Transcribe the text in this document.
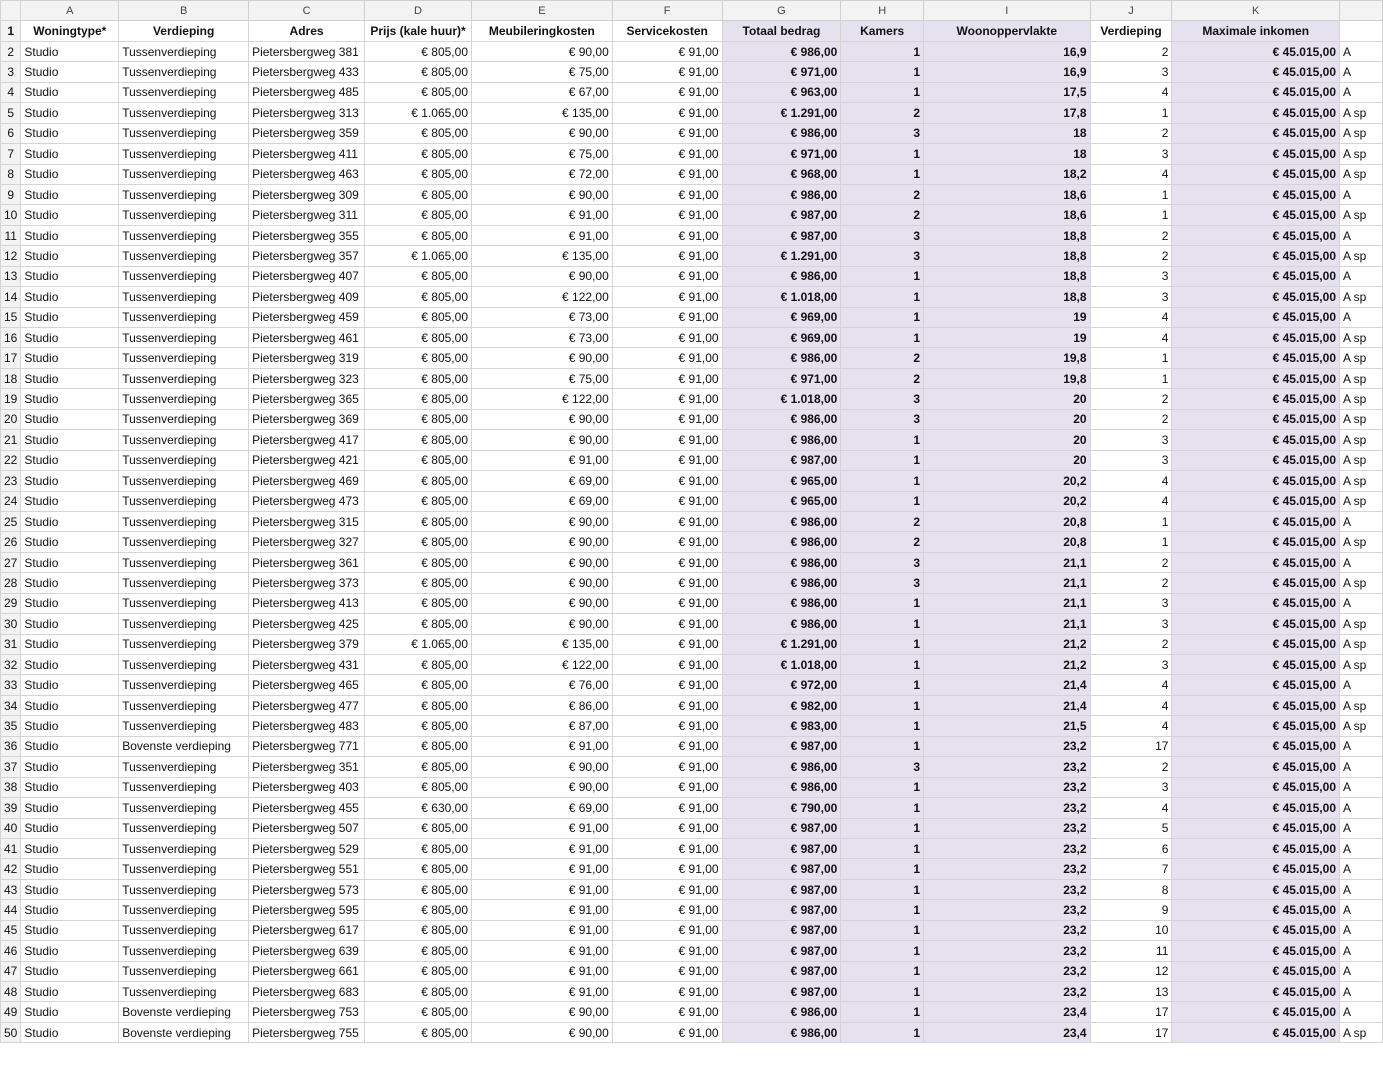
	A	B	C	D	E	F	G	H	I	J	K	
1	Woningtype*	Verdieping	Adres	Prijs (kale huur)*	Meubileringkosten	Servicekosten	Totaal bedrag	Kamers	Woonoppervlakte	Verdieping	Maximale inkomen	
2	Studio	Tussenverdieping	Pietersbergweg 381	€ 805,00	€ 90,00	€ 91,00	€ 986,00	1	16,9	2	€ 45.015,00	A
3	Studio	Tussenverdieping	Pietersbergweg 433	€ 805,00	€ 75,00	€ 91,00	€ 971,00	1	16,9	3	€ 45.015,00	A
4	Studio	Tussenverdieping	Pietersbergweg 485	€ 805,00	€ 67,00	€ 91,00	€ 963,00	1	17,5	4	€ 45.015,00	A
5	Studio	Tussenverdieping	Pietersbergweg 313	€ 1.065,00	€ 135,00	€ 91,00	€ 1.291,00	2	17,8	1	€ 45.015,00	A sp
6	Studio	Tussenverdieping	Pietersbergweg 359	€ 805,00	€ 90,00	€ 91,00	€ 986,00	3	18	2	€ 45.015,00	A sp
7	Studio	Tussenverdieping	Pietersbergweg 411	€ 805,00	€ 75,00	€ 91,00	€ 971,00	1	18	3	€ 45.015,00	A sp
8	Studio	Tussenverdieping	Pietersbergweg 463	€ 805,00	€ 72,00	€ 91,00	€ 968,00	1	18,2	4	€ 45.015,00	A sp
9	Studio	Tussenverdieping	Pietersbergweg 309	€ 805,00	€ 90,00	€ 91,00	€ 986,00	2	18,6	1	€ 45.015,00	A
10	Studio	Tussenverdieping	Pietersbergweg 311	€ 805,00	€ 91,00	€ 91,00	€ 987,00	2	18,6	1	€ 45.015,00	A sp
11	Studio	Tussenverdieping	Pietersbergweg 355	€ 805,00	€ 91,00	€ 91,00	€ 987,00	3	18,8	2	€ 45.015,00	A
12	Studio	Tussenverdieping	Pietersbergweg 357	€ 1.065,00	€ 135,00	€ 91,00	€ 1.291,00	3	18,8	2	€ 45.015,00	A sp
13	Studio	Tussenverdieping	Pietersbergweg 407	€ 805,00	€ 90,00	€ 91,00	€ 986,00	1	18,8	3	€ 45.015,00	A
14	Studio	Tussenverdieping	Pietersbergweg 409	€ 805,00	€ 122,00	€ 91,00	€ 1.018,00	1	18,8	3	€ 45.015,00	A sp
15	Studio	Tussenverdieping	Pietersbergweg 459	€ 805,00	€ 73,00	€ 91,00	€ 969,00	1	19	4	€ 45.015,00	A
16	Studio	Tussenverdieping	Pietersbergweg 461	€ 805,00	€ 73,00	€ 91,00	€ 969,00	1	19	4	€ 45.015,00	A sp
17	Studio	Tussenverdieping	Pietersbergweg 319	€ 805,00	€ 90,00	€ 91,00	€ 986,00	2	19,8	1	€ 45.015,00	A sp
18	Studio	Tussenverdieping	Pietersbergweg 323	€ 805,00	€ 75,00	€ 91,00	€ 971,00	2	19,8	1	€ 45.015,00	A sp
19	Studio	Tussenverdieping	Pietersbergweg 365	€ 805,00	€ 122,00	€ 91,00	€ 1.018,00	3	20	2	€ 45.015,00	A sp
20	Studio	Tussenverdieping	Pietersbergweg 369	€ 805,00	€ 90,00	€ 91,00	€ 986,00	3	20	2	€ 45.015,00	A sp
21	Studio	Tussenverdieping	Pietersbergweg 417	€ 805,00	€ 90,00	€ 91,00	€ 986,00	1	20	3	€ 45.015,00	A sp
22	Studio	Tussenverdieping	Pietersbergweg 421	€ 805,00	€ 91,00	€ 91,00	€ 987,00	1	20	3	€ 45.015,00	A sp
23	Studio	Tussenverdieping	Pietersbergweg 469	€ 805,00	€ 69,00	€ 91,00	€ 965,00	1	20,2	4	€ 45.015,00	A sp
24	Studio	Tussenverdieping	Pietersbergweg 473	€ 805,00	€ 69,00	€ 91,00	€ 965,00	1	20,2	4	€ 45.015,00	A sp
25	Studio	Tussenverdieping	Pietersbergweg 315	€ 805,00	€ 90,00	€ 91,00	€ 986,00	2	20,8	1	€ 45.015,00	A
26	Studio	Tussenverdieping	Pietersbergweg 327	€ 805,00	€ 90,00	€ 91,00	€ 986,00	2	20,8	1	€ 45.015,00	A sp
27	Studio	Tussenverdieping	Pietersbergweg 361	€ 805,00	€ 90,00	€ 91,00	€ 986,00	3	21,1	2	€ 45.015,00	A
28	Studio	Tussenverdieping	Pietersbergweg 373	€ 805,00	€ 90,00	€ 91,00	€ 986,00	3	21,1	2	€ 45.015,00	A sp
29	Studio	Tussenverdieping	Pietersbergweg 413	€ 805,00	€ 90,00	€ 91,00	€ 986,00	1	21,1	3	€ 45.015,00	A
30	Studio	Tussenverdieping	Pietersbergweg 425	€ 805,00	€ 90,00	€ 91,00	€ 986,00	1	21,1	3	€ 45.015,00	A sp
31	Studio	Tussenverdieping	Pietersbergweg 379	€ 1.065,00	€ 135,00	€ 91,00	€ 1.291,00	1	21,2	2	€ 45.015,00	A sp
32	Studio	Tussenverdieping	Pietersbergweg 431	€ 805,00	€ 122,00	€ 91,00	€ 1.018,00	1	21,2	3	€ 45.015,00	A sp
33	Studio	Tussenverdieping	Pietersbergweg 465	€ 805,00	€ 76,00	€ 91,00	€ 972,00	1	21,4	4	€ 45.015,00	A
34	Studio	Tussenverdieping	Pietersbergweg 477	€ 805,00	€ 86,00	€ 91,00	€ 982,00	1	21,4	4	€ 45.015,00	A sp
35	Studio	Tussenverdieping	Pietersbergweg 483	€ 805,00	€ 87,00	€ 91,00	€ 983,00	1	21,5	4	€ 45.015,00	A sp
36	Studio	Bovenste verdieping	Pietersbergweg 771	€ 805,00	€ 91,00	€ 91,00	€ 987,00	1	23,2	17	€ 45.015,00	A
37	Studio	Tussenverdieping	Pietersbergweg 351	€ 805,00	€ 90,00	€ 91,00	€ 986,00	3	23,2	2	€ 45.015,00	A
38	Studio	Tussenverdieping	Pietersbergweg 403	€ 805,00	€ 90,00	€ 91,00	€ 986,00	1	23,2	3	€ 45.015,00	A
39	Studio	Tussenverdieping	Pietersbergweg 455	€ 630,00	€ 69,00	€ 91,00	€ 790,00	1	23,2	4	€ 45.015,00	A
40	Studio	Tussenverdieping	Pietersbergweg 507	€ 805,00	€ 91,00	€ 91,00	€ 987,00	1	23,2	5	€ 45.015,00	A
41	Studio	Tussenverdieping	Pietersbergweg 529	€ 805,00	€ 91,00	€ 91,00	€ 987,00	1	23,2	6	€ 45.015,00	A
42	Studio	Tussenverdieping	Pietersbergweg 551	€ 805,00	€ 91,00	€ 91,00	€ 987,00	1	23,2	7	€ 45.015,00	A
43	Studio	Tussenverdieping	Pietersbergweg 573	€ 805,00	€ 91,00	€ 91,00	€ 987,00	1	23,2	8	€ 45.015,00	A
44	Studio	Tussenverdieping	Pietersbergweg 595	€ 805,00	€ 91,00	€ 91,00	€ 987,00	1	23,2	9	€ 45.015,00	A
45	Studio	Tussenverdieping	Pietersbergweg 617	€ 805,00	€ 91,00	€ 91,00	€ 987,00	1	23,2	10	€ 45.015,00	A
46	Studio	Tussenverdieping	Pietersbergweg 639	€ 805,00	€ 91,00	€ 91,00	€ 987,00	1	23,2	11	€ 45.015,00	A
47	Studio	Tussenverdieping	Pietersbergweg 661	€ 805,00	€ 91,00	€ 91,00	€ 987,00	1	23,2	12	€ 45.015,00	A
48	Studio	Tussenverdieping	Pietersbergweg 683	€ 805,00	€ 91,00	€ 91,00	€ 987,00	1	23,2	13	€ 45.015,00	A
49	Studio	Bovenste verdieping	Pietersbergweg 753	€ 805,00	€ 90,00	€ 91,00	€ 986,00	1	23,4	17	€ 45.015,00	A
50	Studio	Bovenste verdieping	Pietersbergweg 755	€ 805,00	€ 90,00	€ 91,00	€ 986,00	1	23,4	17	€ 45.015,00	A sp
